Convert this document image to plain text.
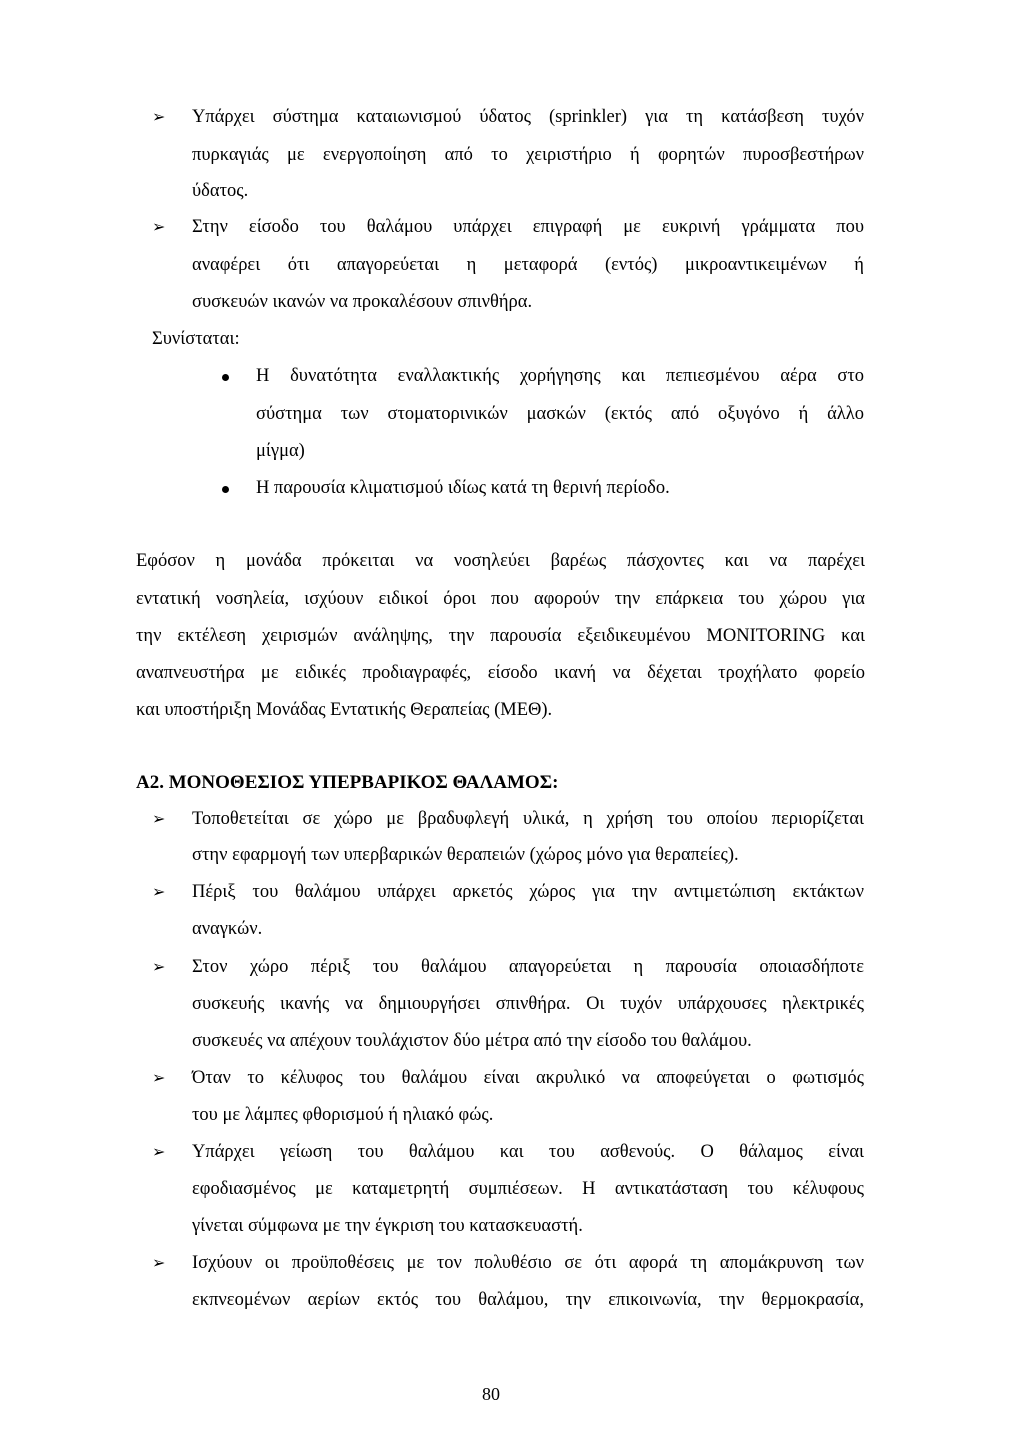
➢ Υπάρχει σύστημα καταιωνισμού ύδατος (sprinkler) για τη κατάσβεση τυχόν
πυρκαγιάς με ενεργοποίηση από το χειριστήριο ή φορητών πυροσβεστήρων
ύδατος.
➢ Στην είσοδο του θαλάμου υπάρχει επιγραφή με ευκρινή γράμματα που
αναφέρει ότι απαγορεύεται η μεταφορά (εντός) μικροαντικειμένων ή
συσκευών ικανών να προκαλέσουν σπινθήρα.
Συνίσταται:
Η δυνατότητα εναλλακτικής χορήγησης και πεπιεσμένου αέρα στο
σύστημα των στοματορινικών μασκών (εκτός από οξυγόνο ή άλλο
μίγμα)
Η παρουσία κλιματισμού ιδίως κατά τη θερινή περίοδο.
Εφόσον η μονάδα πρόκειται να νοσηλεύει βαρέως πάσχοντες και να παρέχει
εντατική νοσηλεία, ισχύουν ειδικοί όροι που αφορούν την επάρκεια του χώρου για
την εκτέλεση χειρισμών ανάληψης, την παρουσία εξειδικευμένου MONITORING και
αναπνευστήρα με ειδικές προδιαγραφές, είσοδο ικανή να δέχεται τροχήλατο φορείο
και υποστήριξη Μονάδας Εντατικής Θεραπείας (ΜΕΘ).
Α2. ΜΟΝΟΘΕΣΙΟΣ ΥΠΕΡΒΑΡΙΚΟΣ ΘΑΛΑΜΟΣ:
➢ Τοποθετείται σε χώρο με βραδυφλεγή υλικά, η χρήση του οποίου περιορίζεται
στην εφαρμογή των υπερβαρικών θεραπειών (χώρος μόνο για θεραπείες).
➢ Πέριξ του θαλάμου υπάρχει αρκετός χώρος για την αντιμετώπιση εκτάκτων
αναγκών.
➢ Στον χώρο πέριξ του θαλάμου απαγορεύεται η παρουσία οποιασδήποτε
συσκευής ικανής να δημιουργήσει σπινθήρα. Οι τυχόν υπάρχουσες ηλεκτρικές
συσκευές να απέχουν τουλάχιστον δύο μέτρα από την είσοδο του θαλάμου.
➢ Όταν το κέλυφος του θαλάμου είναι ακρυλικό να αποφεύγεται ο φωτισμός
του με λάμπες φθορισμού ή ηλιακό φώς.
➢ Υπάρχει γείωση του θαλάμου και του ασθενούς. Ο θάλαμος είναι
εφοδιασμένος με καταμετρητή συμπιέσεων. Η αντικατάσταση του κέλυφους
γίνεται σύμφωνα με την έγκριση του κατασκευαστή.
➢ Ισχύουν οι προϋποθέσεις με τον πολυθέσιο σε ότι αφορά τη απομάκρυνση των
εκπνεομένων αερίων εκτός του θαλάμου, την επικοινωνία, την θερμοκρασία,
80
